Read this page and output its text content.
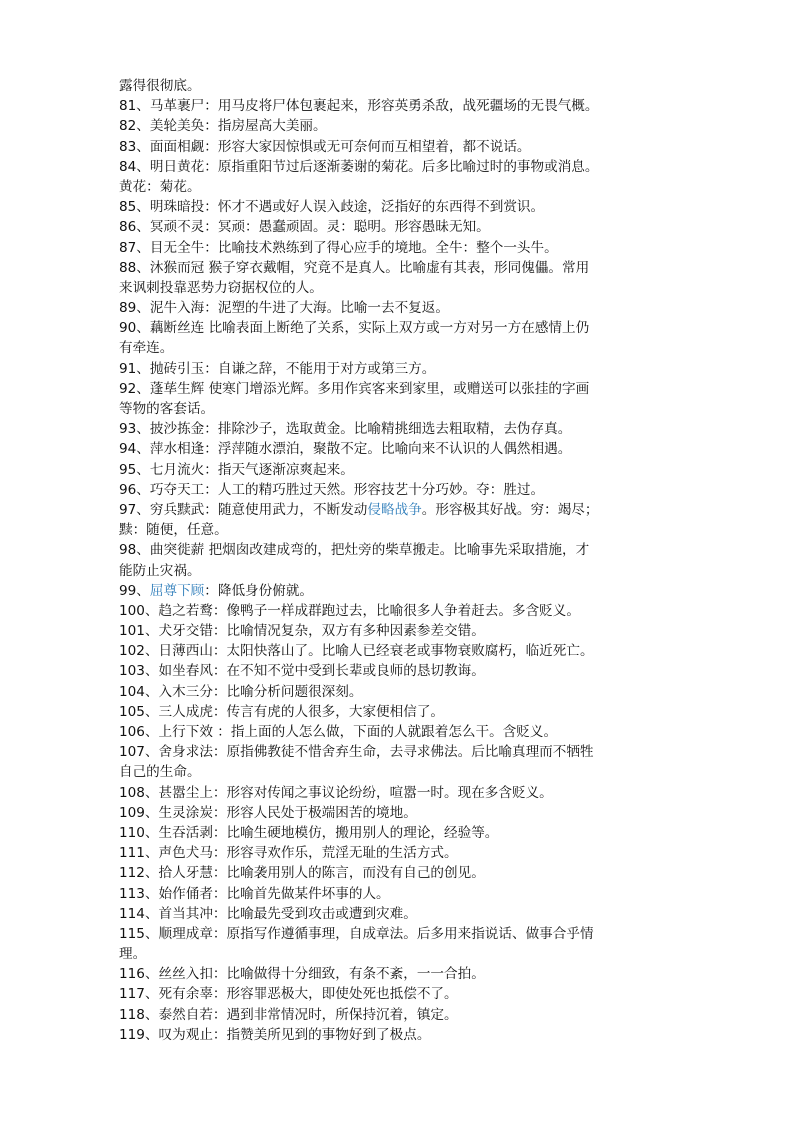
露得很彻底。
81、马革裹尸：用马皮将尸体包裹起来，形容英勇杀敌，战死疆场的无畏气概。
82、美轮美奂：指房屋高大美丽。
83、面面相觑：形容大家因惊惧或无可奈何而互相望着，都不说话。
84、明日黄花：原指重阳节过后逐渐萎谢的菊花。后多比喻过时的事物或消息。
黄花：菊花。
85、明珠暗投：怀才不遇或好人误入歧途，泛指好的东西得不到赏识。
86、冥顽不灵：冥顽：愚蠢顽固。灵：聪明。形容愚昧无知。
87、目无全牛：比喻技术熟练到了得心应手的境地。全牛：整个一头牛。
88、沐猴而冠 猴子穿衣戴帽，究竟不是真人。比喻虚有其表，形同傀儡。常用
来讽刺投靠恶势力窃据权位的人。
89、泥牛入海：泥塑的牛进了大海。比喻一去不复返。
90、藕断丝连 比喻表面上断绝了关系，实际上双方或一方对另一方在感情上仍
有牵连。
91、抛砖引玉：自谦之辞，不能用于对方或第三方。
92、蓬荜生辉 使寒门增添光辉。多用作宾客来到家里，或赠送可以张挂的字画
等物的客套话。
93、披沙拣金：排除沙子，选取黄金。比喻精挑细选去粗取精，去伪存真。
94、萍水相逢：浮萍随水漂泊，聚散不定。比喻向来不认识的人偶然相遇。
95、七月流火：指天气逐渐凉爽起来。
96、巧夺天工：人工的精巧胜过天然。形容技艺十分巧妙。夺：胜过。
97、穷兵黩武：随意使用武力，不断发动侵略战争。形容极其好战。穷：竭尽；
黩：随便，任意。
98、曲突徙薪 把烟囱改建成弯的，把灶旁的柴草搬走。比喻事先采取措施，才
能防止灾祸。
99、屈尊下顾：降低身份俯就。
100、趋之若鹜：像鸭子一样成群跑过去，比喻很多人争着赶去。多含贬义。
101、犬牙交错：比喻情况复杂，双方有多种因素参差交错。
102、日薄西山：太阳快落山了。比喻人已经衰老或事物衰败腐朽，临近死亡。
103、如坐春风：在不知不觉中受到长辈或良师的恳切教诲。
104、入木三分：比喻分析问题很深刻。
105、三人成虎：传言有虎的人很多，大家便相信了。
106、上行下效 ：指上面的人怎么做，下面的人就跟着怎么干。含贬义。
107、舍身求法：原指佛教徒不惜舍弃生命，去寻求佛法。后比喻真理而不牺牲
自己的生命。
108、甚嚣尘上：形容对传闻之事议论纷纷，喧嚣一时。现在多含贬义。
109、生灵涂炭：形容人民处于极端困苦的境地。
110、生吞活剥：比喻生硬地模仿，搬用别人的理论，经验等。
111、声色犬马：形容寻欢作乐，荒淫无耻的生活方式。
112、拾人牙慧：比喻袭用别人的陈言，而没有自己的创见。
113、始作俑者：比喻首先做某件坏事的人。
114、首当其冲：比喻最先受到攻击或遭到灾难。
115、顺理成章：原指写作遵循事理，自成章法。后多用来指说话、做事合乎情
理。
116、丝丝入扣：比喻做得十分细致，有条不紊，一一合拍。
117、死有余辜：形容罪恶极大，即使处死也抵偿不了。
118、泰然自若：遇到非常情况时，所保持沉着，镇定。
119、叹为观止：指赞美所见到的事物好到了极点。
